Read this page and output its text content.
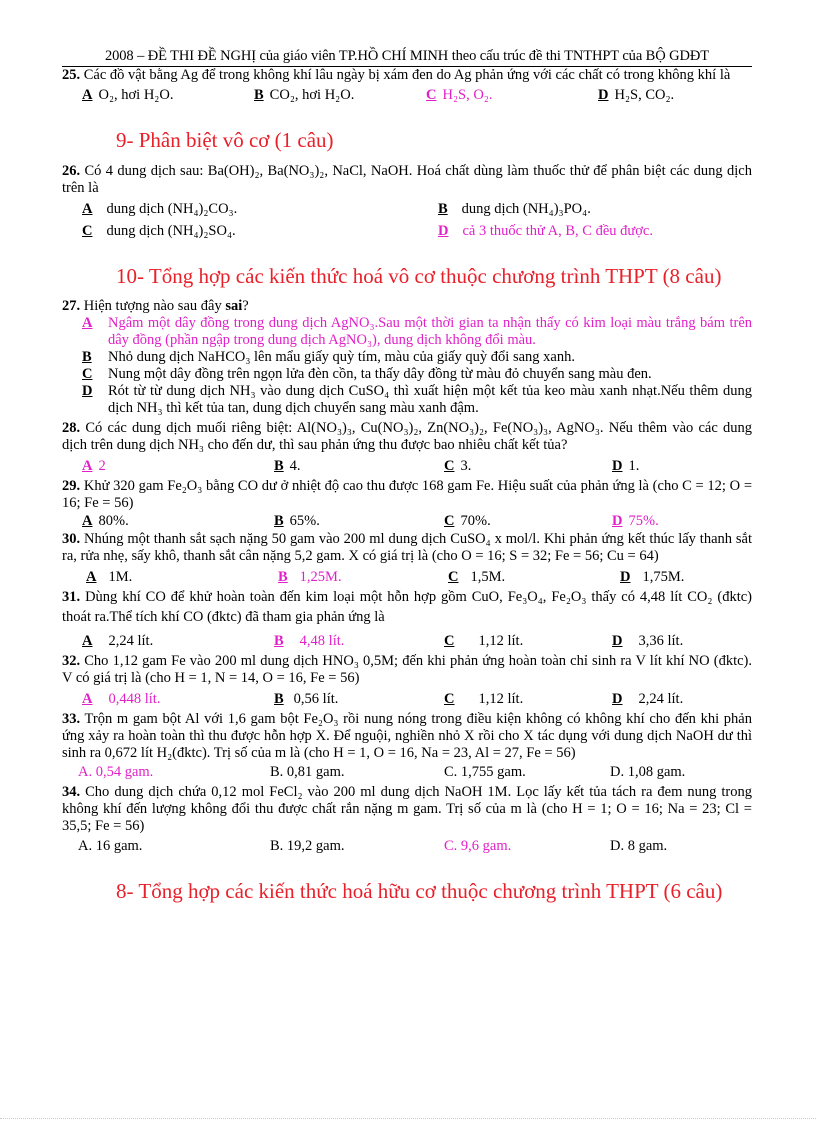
2008 – ĐỀ THI ĐỀ NGHỊ của giáo viên TP.HỒ CHÍ MINH theo cấu trúc đề thi TNTHPT của BỘ GDĐT

25. Các đồ vật bằng Ag để trong không khí lâu ngày bị xám đen do Ag phản ứng với các chất có trong không khí là

A O₂, hơi H₂O.	B CO₂, hơi H₂O.	C H₂S, O₂.	D H₂S, CO₂.
9- Phân biệt vô cơ (1 câu)

26. Có 4 dung dịch sau: Ba(OH)₂, Ba(NO₃)₂, NaCl, NaOH. Hoá chất dùng làm thuốc thử để phân biệt các dung dịch trên là

A dung dịch (NH₄)₂CO₃.	B dung dịch (NH₄)₃PO₄.
C dung dịch (NH₄)₂SO₄.	D cả 3 thuốc thử A, B, C đều được.
10- Tổng hợp các kiến thức hoá vô cơ thuộc chương trình THPT (8 câu)

27. Hiện tượng nào sau đây sai?

A	Ngâm một dây đồng trong dung dịch AgNO₃.Sau một thời gian ta nhận thấy có kim loại màu trắng bám trên dây đồng (phần ngập trong dung dịch AgNO₃), dung dịch không đổi màu.
B	Nhỏ dung dịch NaHCO₃ lên mẩu giấy quỳ tím, màu của giấy quỳ đổi sang xanh.
C	Nung một dây đồng trên ngọn lửa đèn cồn, ta thấy dây đồng từ màu đỏ chuyển sang màu đen.
D	Rót từ từ dung dịch NH₃ vào dung dịch CuSO₄ thì xuất hiện một kết tủa keo màu xanh nhạt.Nếu thêm dung dịch NH₃ thì kết tủa tan, dung dịch chuyển sang màu xanh đậm.

28. Có các dung dịch muối riêng biệt: Al(NO₃)₃, Cu(NO₃)₂, Zn(NO₃)₂, Fe(NO₃)₃, AgNO₃. Nếu thêm vào các dung dịch trên dung dịch NH₃ cho đến dư, thì sau phản ứng thu được bao nhiêu chất kết tủa?

A 2	B 4.	C 3.	D 1.

29. Khử 320 gam Fe₂O₃ bằng CO dư ở nhiệt độ cao thu được 168 gam Fe. Hiệu suất của phản ứng là (cho C = 12; O = 16; Fe = 56)

A 80%.	B 65%.	C 70%.	D 75%.

30. Nhúng một thanh sắt sạch nặng 50 gam vào 200 ml dung dịch CuSO₄ x mol/l. Khi phản ứng kết thúc lấy thanh sắt ra, rửa nhẹ, sấy khô, thanh sắt cân nặng 5,2 gam. X có giá trị là (cho O = 16; S = 32; Fe = 56; Cu = 64)

A 1M.	B 1,25M.	C 1,5M.	D 1,75M.

31. Dùng khí CO để khử hoàn toàn đến kim loại một hỗn hợp gồm CuO, Fe₃O₄, Fe₂O₃ thấy có 4,48 lít CO₂ (đktc) thoát ra.Thể tích khí CO (đktc) đã tham gia phản ứng là

A 2,24 lít.	B 4,48 lít.	C 1,12 lít.	D 3,36 lít.

32. Cho 1,12 gam Fe vào 200 ml dung dịch HNO₃ 0,5M; đến khi phản ứng hoàn toàn chỉ sinh ra V lít khí NO (đktc). V có giá trị là (cho H = 1, N = 14, O = 16, Fe = 56)

A 0,448 lít.	B 0,56 lít.	C 1,12 lít.	D 2,24 lít.

33. Trộn m gam bột Al với 1,6 gam bột Fe₂O₃ rồi nung nóng trong điều kiện không có không khí cho đến khi phản ứng xảy ra hoàn toàn thì thu được hỗn hợp X. Để nguội, nghiền nhỏ X rồi cho X tác dụng với dung dịch NaOH dư thì sinh ra 0,672 lít H₂(đktc). Trị số của m là (cho H = 1, O = 16, Na = 23, Al = 27, Fe = 56)

A. 0,54 gam.	B. 0,81 gam.	C. 1,755 gam.	D. 1,08 gam.

34. Cho dung dịch chứa 0,12 mol FeCl₂ vào 200 ml dung dịch NaOH 1M. Lọc lấy kết tủa tách ra đem nung trong không khí đến lượng không đổi thu được chất rắn nặng m gam. Trị số của m là (cho H = 1; O = 16; Na = 23; Cl = 35,5; Fe = 56)

A. 16 gam.	B. 19,2 gam.	C. 9,6 gam.	D. 8 gam.
8- Tổng hợp các kiến thức hoá hữu cơ thuộc chương trình THPT (6 câu)
